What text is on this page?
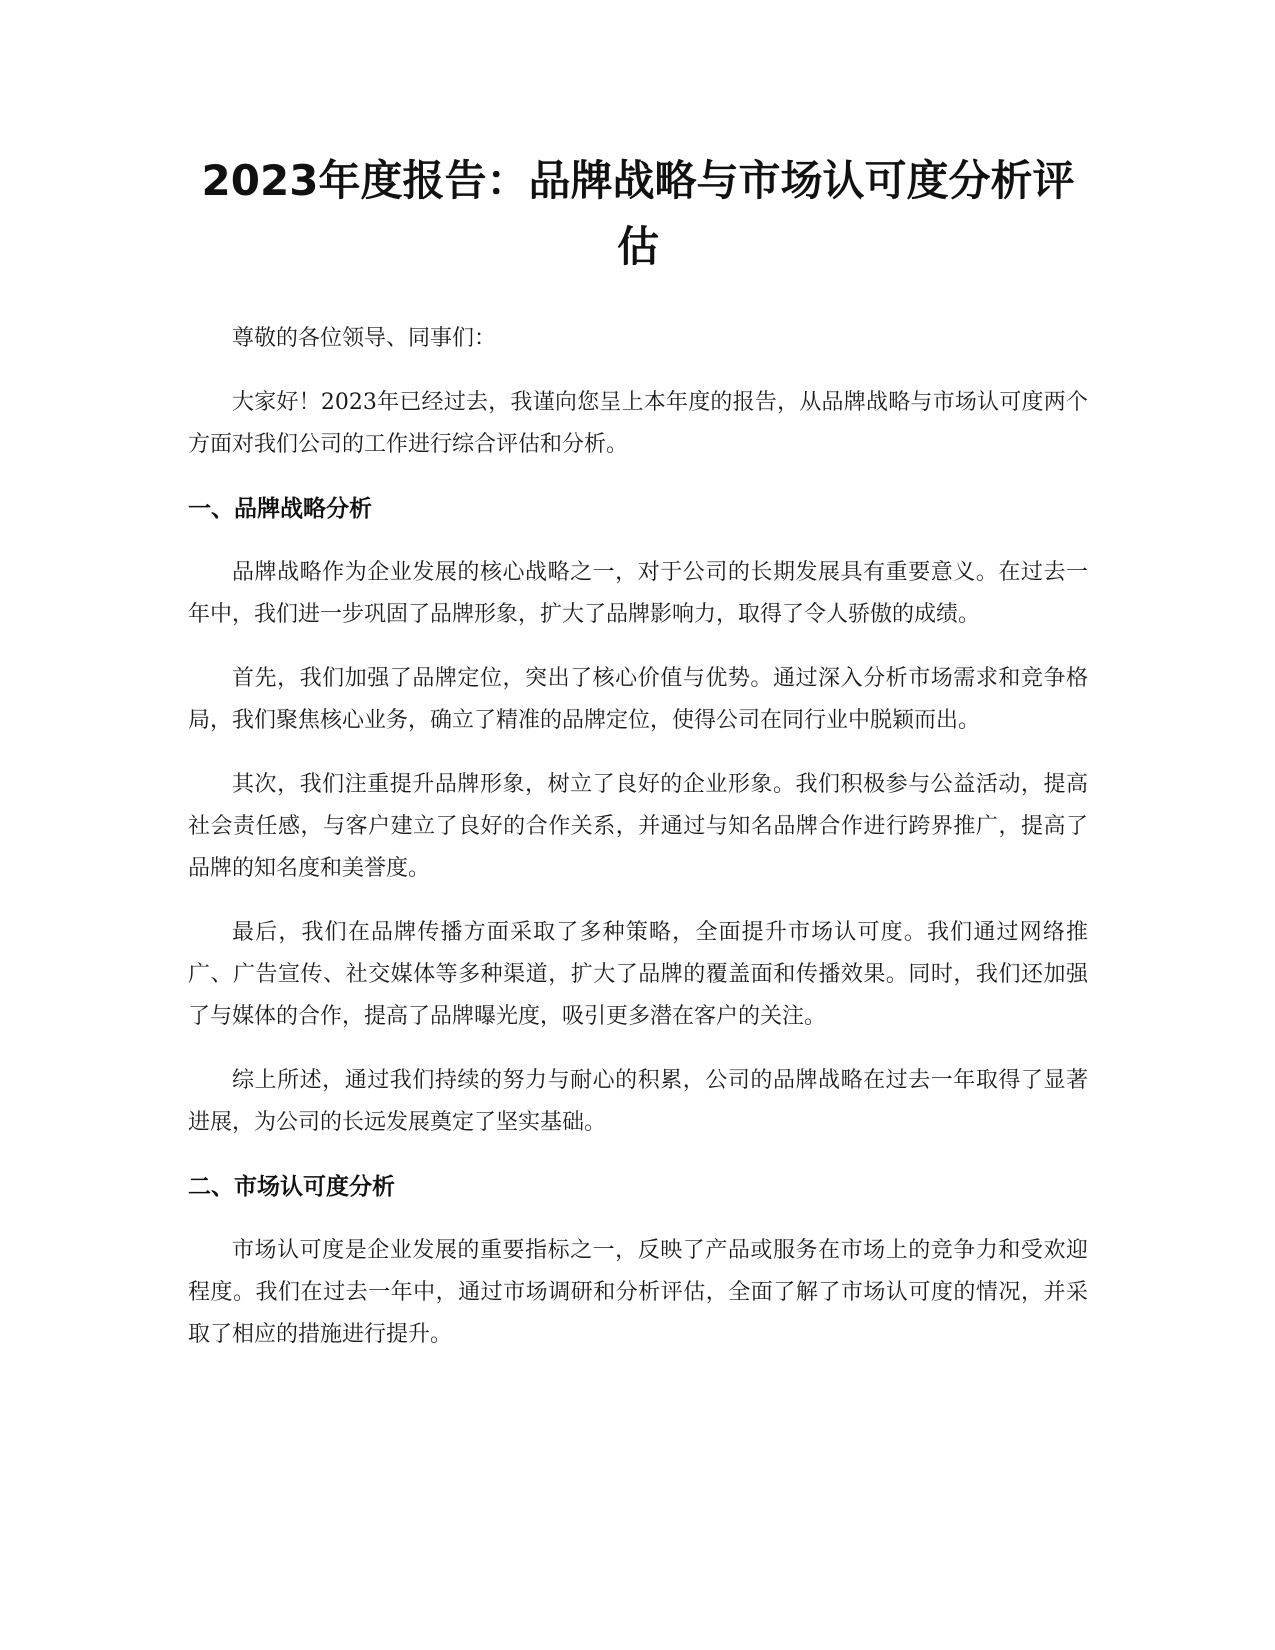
2023年度报告：品牌战略与市场认可度分析评估

尊敬的各位领导、同事们：

大家好！2023年已经过去，我谨向您呈上本年度的报告，从品牌战略与市场认可度两个方面对我们公司的工作进行综合评估和分析。

一、品牌战略分析

品牌战略作为企业发展的核心战略之一，对于公司的长期发展具有重要意义。在过去一年中，我们进一步巩固了品牌形象，扩大了品牌影响力，取得了令人骄傲的成绩。

首先，我们加强了品牌定位，突出了核心价值与优势。通过深入分析市场需求和竞争格局，我们聚焦核心业务，确立了精准的品牌定位，使得公司在同行业中脱颖而出。

其次，我们注重提升品牌形象，树立了良好的企业形象。我们积极参与公益活动，提高社会责任感，与客户建立了良好的合作关系，并通过与知名品牌合作进行跨界推广，提高了品牌的知名度和美誉度。

最后，我们在品牌传播方面采取了多种策略，全面提升市场认可度。我们通过网络推广、广告宣传、社交媒体等多种渠道，扩大了品牌的覆盖面和传播效果。同时，我们还加强了与媒体的合作，提高了品牌曝光度，吸引更多潜在客户的关注。

综上所述，通过我们持续的努力与耐心的积累，公司的品牌战略在过去一年取得了显著进展，为公司的长远发展奠定了坚实基础。

二、市场认可度分析

市场认可度是企业发展的重要指标之一，反映了产品或服务在市场上的竞争力和受欢迎程度。我们在过去一年中，通过市场调研和分析评估，全面了解了市场认可度的情况，并采取了相应的措施进行提升。
